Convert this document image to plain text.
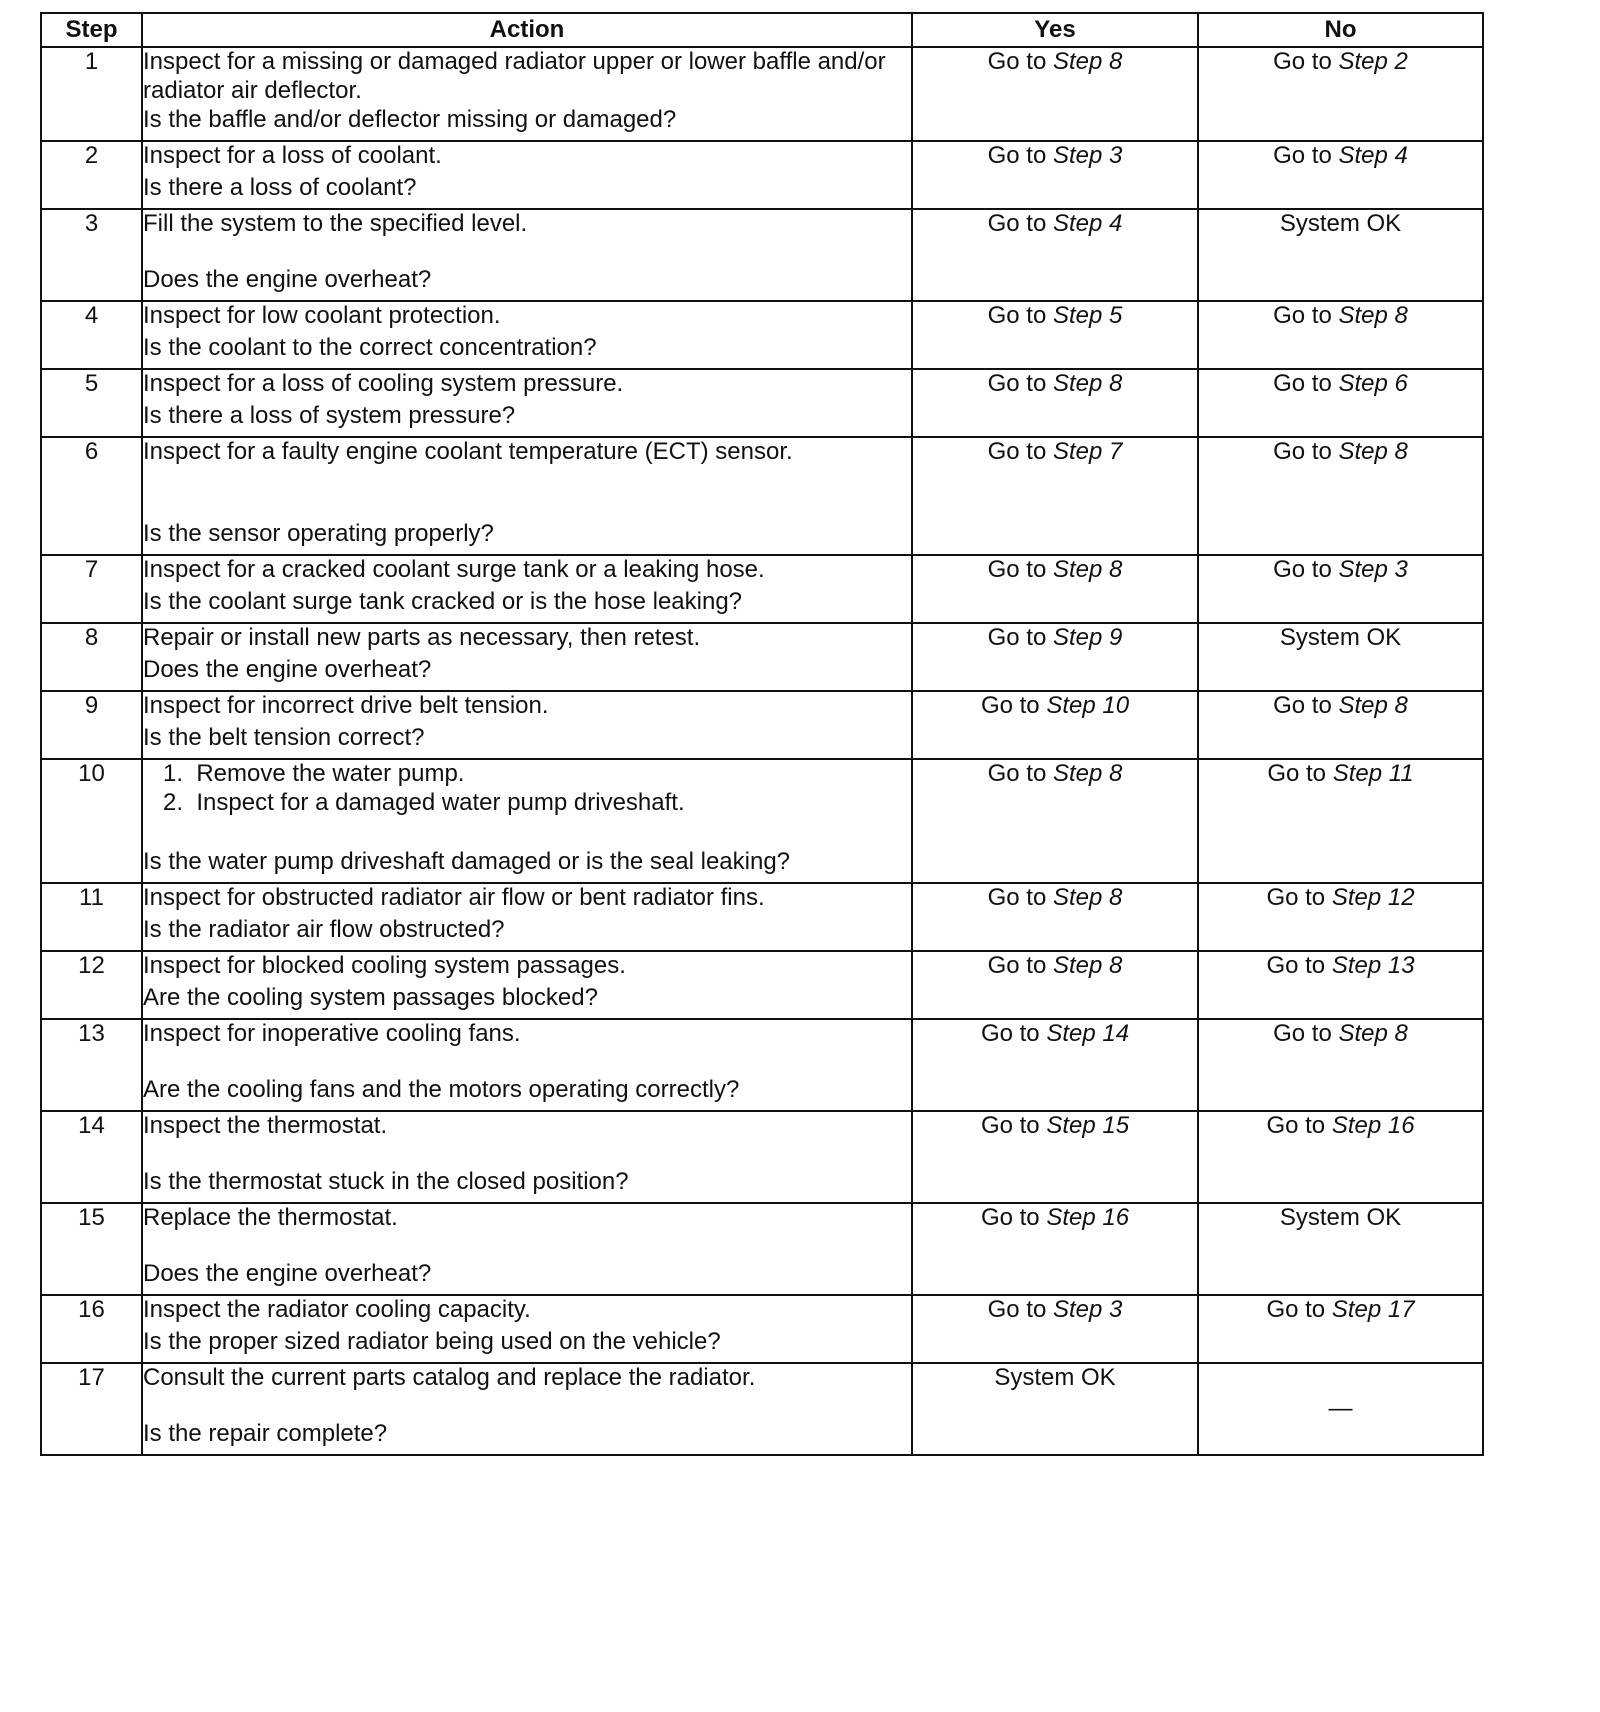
Step	Action	Yes	No
1	Inspect for a missing or damaged radiator upper or lower baffle and/or radiator air deflector.
Is the baffle and/or deflector missing or damaged?	Go to Step 8	Go to Step 2
2	Inspect for a loss of coolant.
Is there a loss of coolant?	Go to Step 3	Go to Step 4
3	Fill the system to the specified level.
Does the engine overheat?	Go to Step 4	System OK
4	Inspect for low coolant protection.
Is the coolant to the correct concentration?	Go to Step 5	Go to Step 8
5	Inspect for a loss of cooling system pressure.
Is there a loss of system pressure?	Go to Step 8	Go to Step 6
6	Inspect for a faulty engine coolant temperature (ECT) sensor.
Is the sensor operating properly?	Go to Step 7	Go to Step 8
7	Inspect for a cracked coolant surge tank or a leaking hose.
Is the coolant surge tank cracked or is the hose leaking?	Go to Step 8	Go to Step 3
8	Repair or install new parts as necessary, then retest.
Does the engine overheat?	Go to Step 9	System OK
9	Inspect for incorrect drive belt tension.
Is the belt tension correct?	Go to Step 10	Go to Step 8
10	1.  Remove the water pump.
2.  Inspect for a damaged water pump driveshaft.
Is the water pump driveshaft damaged or is the seal leaking?	Go to Step 8	Go to Step 11
11	Inspect for obstructed radiator air flow or bent radiator fins.
Is the radiator air flow obstructed?	Go to Step 8	Go to Step 12
12	Inspect for blocked cooling system passages.
Are the cooling system passages blocked?	Go to Step 8	Go to Step 13
13	Inspect for inoperative cooling fans.
Are the cooling fans and the motors operating correctly?	Go to Step 14	Go to Step 8
14	Inspect the thermostat.
Is the thermostat stuck in the closed position?	Go to Step 15	Go to Step 16
15	Replace the thermostat.
Does the engine overheat?	Go to Step 16	System OK
16	Inspect the radiator cooling capacity.
Is the proper sized radiator being used on the vehicle?	Go to Step 3	Go to Step 17
17	Consult the current parts catalog and replace the radiator.
Is the repair complete?	System OK	—
